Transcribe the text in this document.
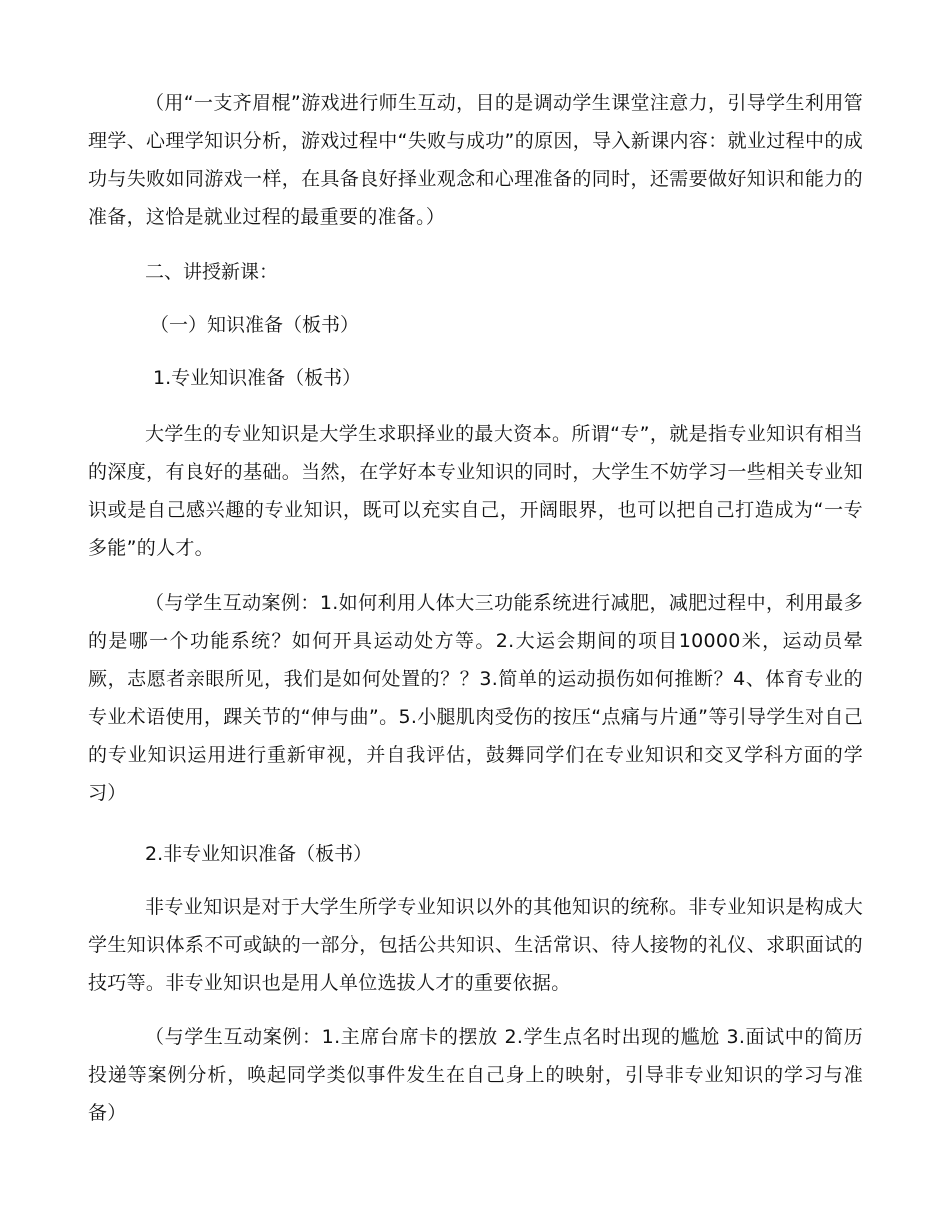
（用“一支齐眉棍”游戏进行师生互动，目的是调动学生课堂注意力，引导学生利用管理学、心理学知识分析，游戏过程中“失败与成功”的原因，导入新课内容：就业过程中的成功与失败如同游戏一样，在具备良好择业观念和心理准备的同时，还需要做好知识和能力的准备，这恰是就业过程的最重要的准备。）

二、讲授新课：

（一）知识准备（板书）

1.专业知识准备（板书）

大学生的专业知识是大学生求职择业的最大资本。所谓“专”，就是指专业知识有相当的深度，有良好的基础。当然，在学好本专业知识的同时，大学生不妨学习一些相关专业知识或是自己感兴趣的专业知识，既可以充实自己，开阔眼界，也可以把自己打造成为“一专多能”的人才。

（与学生互动案例：1.如何利用人体大三功能系统进行减肥，减肥过程中，利用最多的是哪一个功能系统？如何开具运动处方等。2.大运会期间的项目10000米，运动员晕厥，志愿者亲眼所见，我们是如何处置的？？3.简单的运动损伤如何推断？4、体育专业的专业术语使用，踝关节的“伸与曲”。5.小腿肌肉受伤的按压“点痛与片通”等引导学生对自己的专业知识运用进行重新审视，并自我评估，鼓舞同学们在专业知识和交叉学科方面的学习）

2.非专业知识准备（板书）

非专业知识是对于大学生所学专业知识以外的其他知识的统称。非专业知识是构成大学生知识体系不可或缺的一部分，包括公共知识、生活常识、待人接物的礼仪、求职面试的技巧等。非专业知识也是用人单位选拔人才的重要依据。

（与学生互动案例：1.主席台席卡的摆放 2.学生点名时出现的尴尬 3.面试中的简历投递等案例分析，唤起同学类似事件发生在自己身上的映射，引导非专业知识的学习与准备）
